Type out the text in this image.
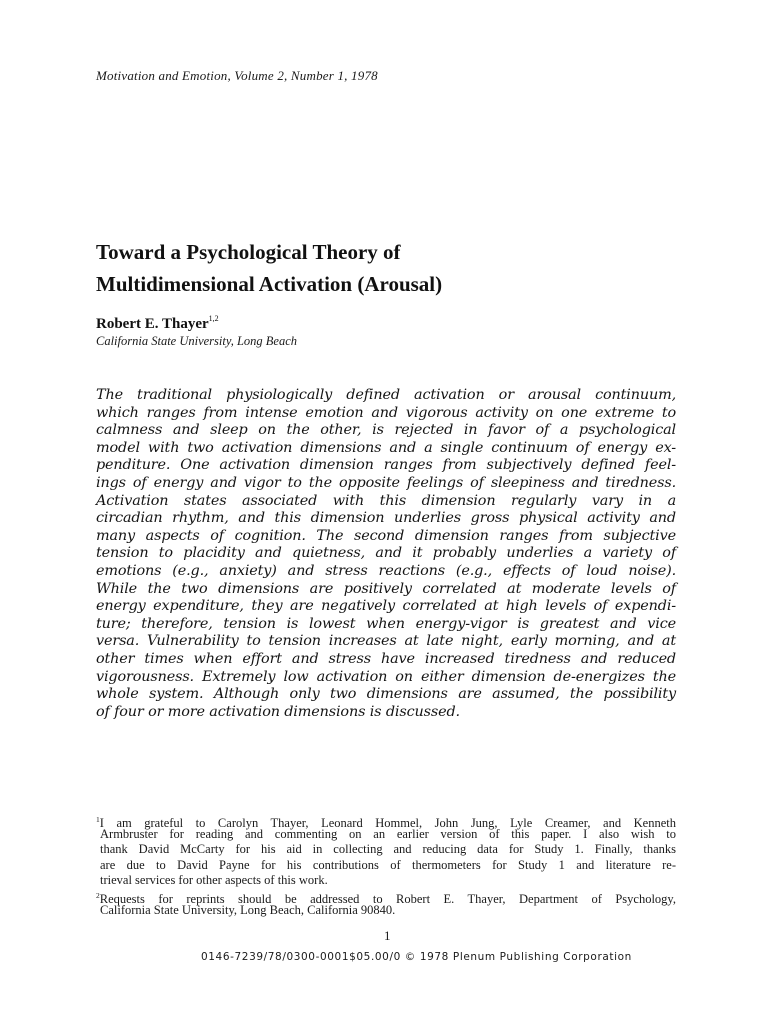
Motivation and Emotion, Volume 2, Number 1, 1978
Toward a Psychological Theory of
Multidimensional Activation (Arousal)
Robert E. Thayer$^{1,2}$
California State University, Long Beach
The traditional physiologically defined activation or arousal continuum,
which ranges from intense emotion and vigorous activity on one extreme to
calmness and sleep on the other, is rejected in favor of a psychological
model with two activation dimensions and a single continuum of energy ex-
penditure. One activation dimension ranges from subjectively defined feel-
ings of energy and vigor to the opposite feelings of sleepiness and tiredness.
Activation states associated with this dimension regularly vary in a
circadian rhythm, and this dimension underlies gross physical activity and
many aspects of cognition. The second dimension ranges from subjective
tension to placidity and quietness, and it probably underlies a variety of
emotions (e.g., anxiety) and stress reactions (e.g., effects of loud noise).
While the two dimensions are positively correlated at moderate levels of
energy expenditure, they are negatively correlated at high levels of expendi-
ture; therefore, tension is lowest when energy-vigor is greatest and vice
versa. Vulnerability to tension increases at late night, early morning, and at
other times when effort and stress have increased tiredness and reduced
vigorousness. Extremely low activation on either dimension de-energizes the
whole system. Although only two dimensions are assumed, the possibility
of four or more activation dimensions is discussed.
$^1$I am grateful to Carolyn Thayer, Leonard Hommel, John Jung, Lyle Creamer, and Kenneth
Armbruster for reading and commenting on an earlier version of this paper. I also wish to
thank David McCarty for his aid in collecting and reducing data for Study 1. Finally, thanks
are due to David Payne for his contributions of thermometers for Study 1 and literature re-
trieval services for other aspects of this work.
$^2$Requests for reprints should be addressed to Robert E. Thayer, Department of Psychology,
California State University, Long Beach, California 90840.
1
0146-7239/78/0300-0001$05.00/0 © 1978 Plenum Publishing Corporation
